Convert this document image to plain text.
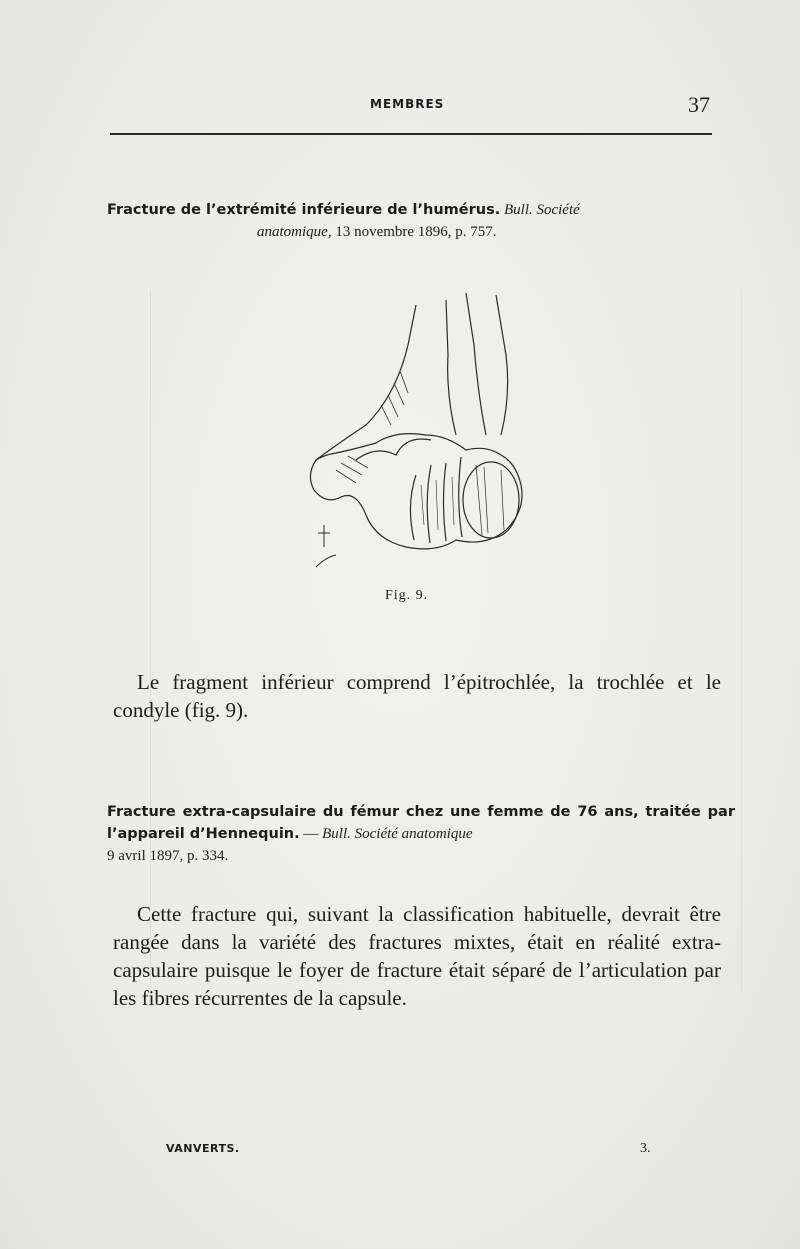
MEMBRES	37
Fracture de l’extrémité inférieure de l’humérus. Bull. Société
anatomique, 13 novembre 1896, p. 757.
Fig. 9.
Le fragment inférieur comprend l’épitrochlée, la trochlée et le condyle (fig. 9).
Fracture extra-capsulaire du fémur chez une femme de 76 ans, traitée par l’appareil d’Hennequin. — Bull. Société anatomique
9 avril 1897, p. 334.
Cette fracture qui, suivant la classification habituelle, devrait être rangée dans la variété des fractures mixtes, était en réalité extra-capsulaire puisque le foyer de fracture était séparé de l’articulation par les fibres récurrentes de la capsule.
VANVERTS.	3.
